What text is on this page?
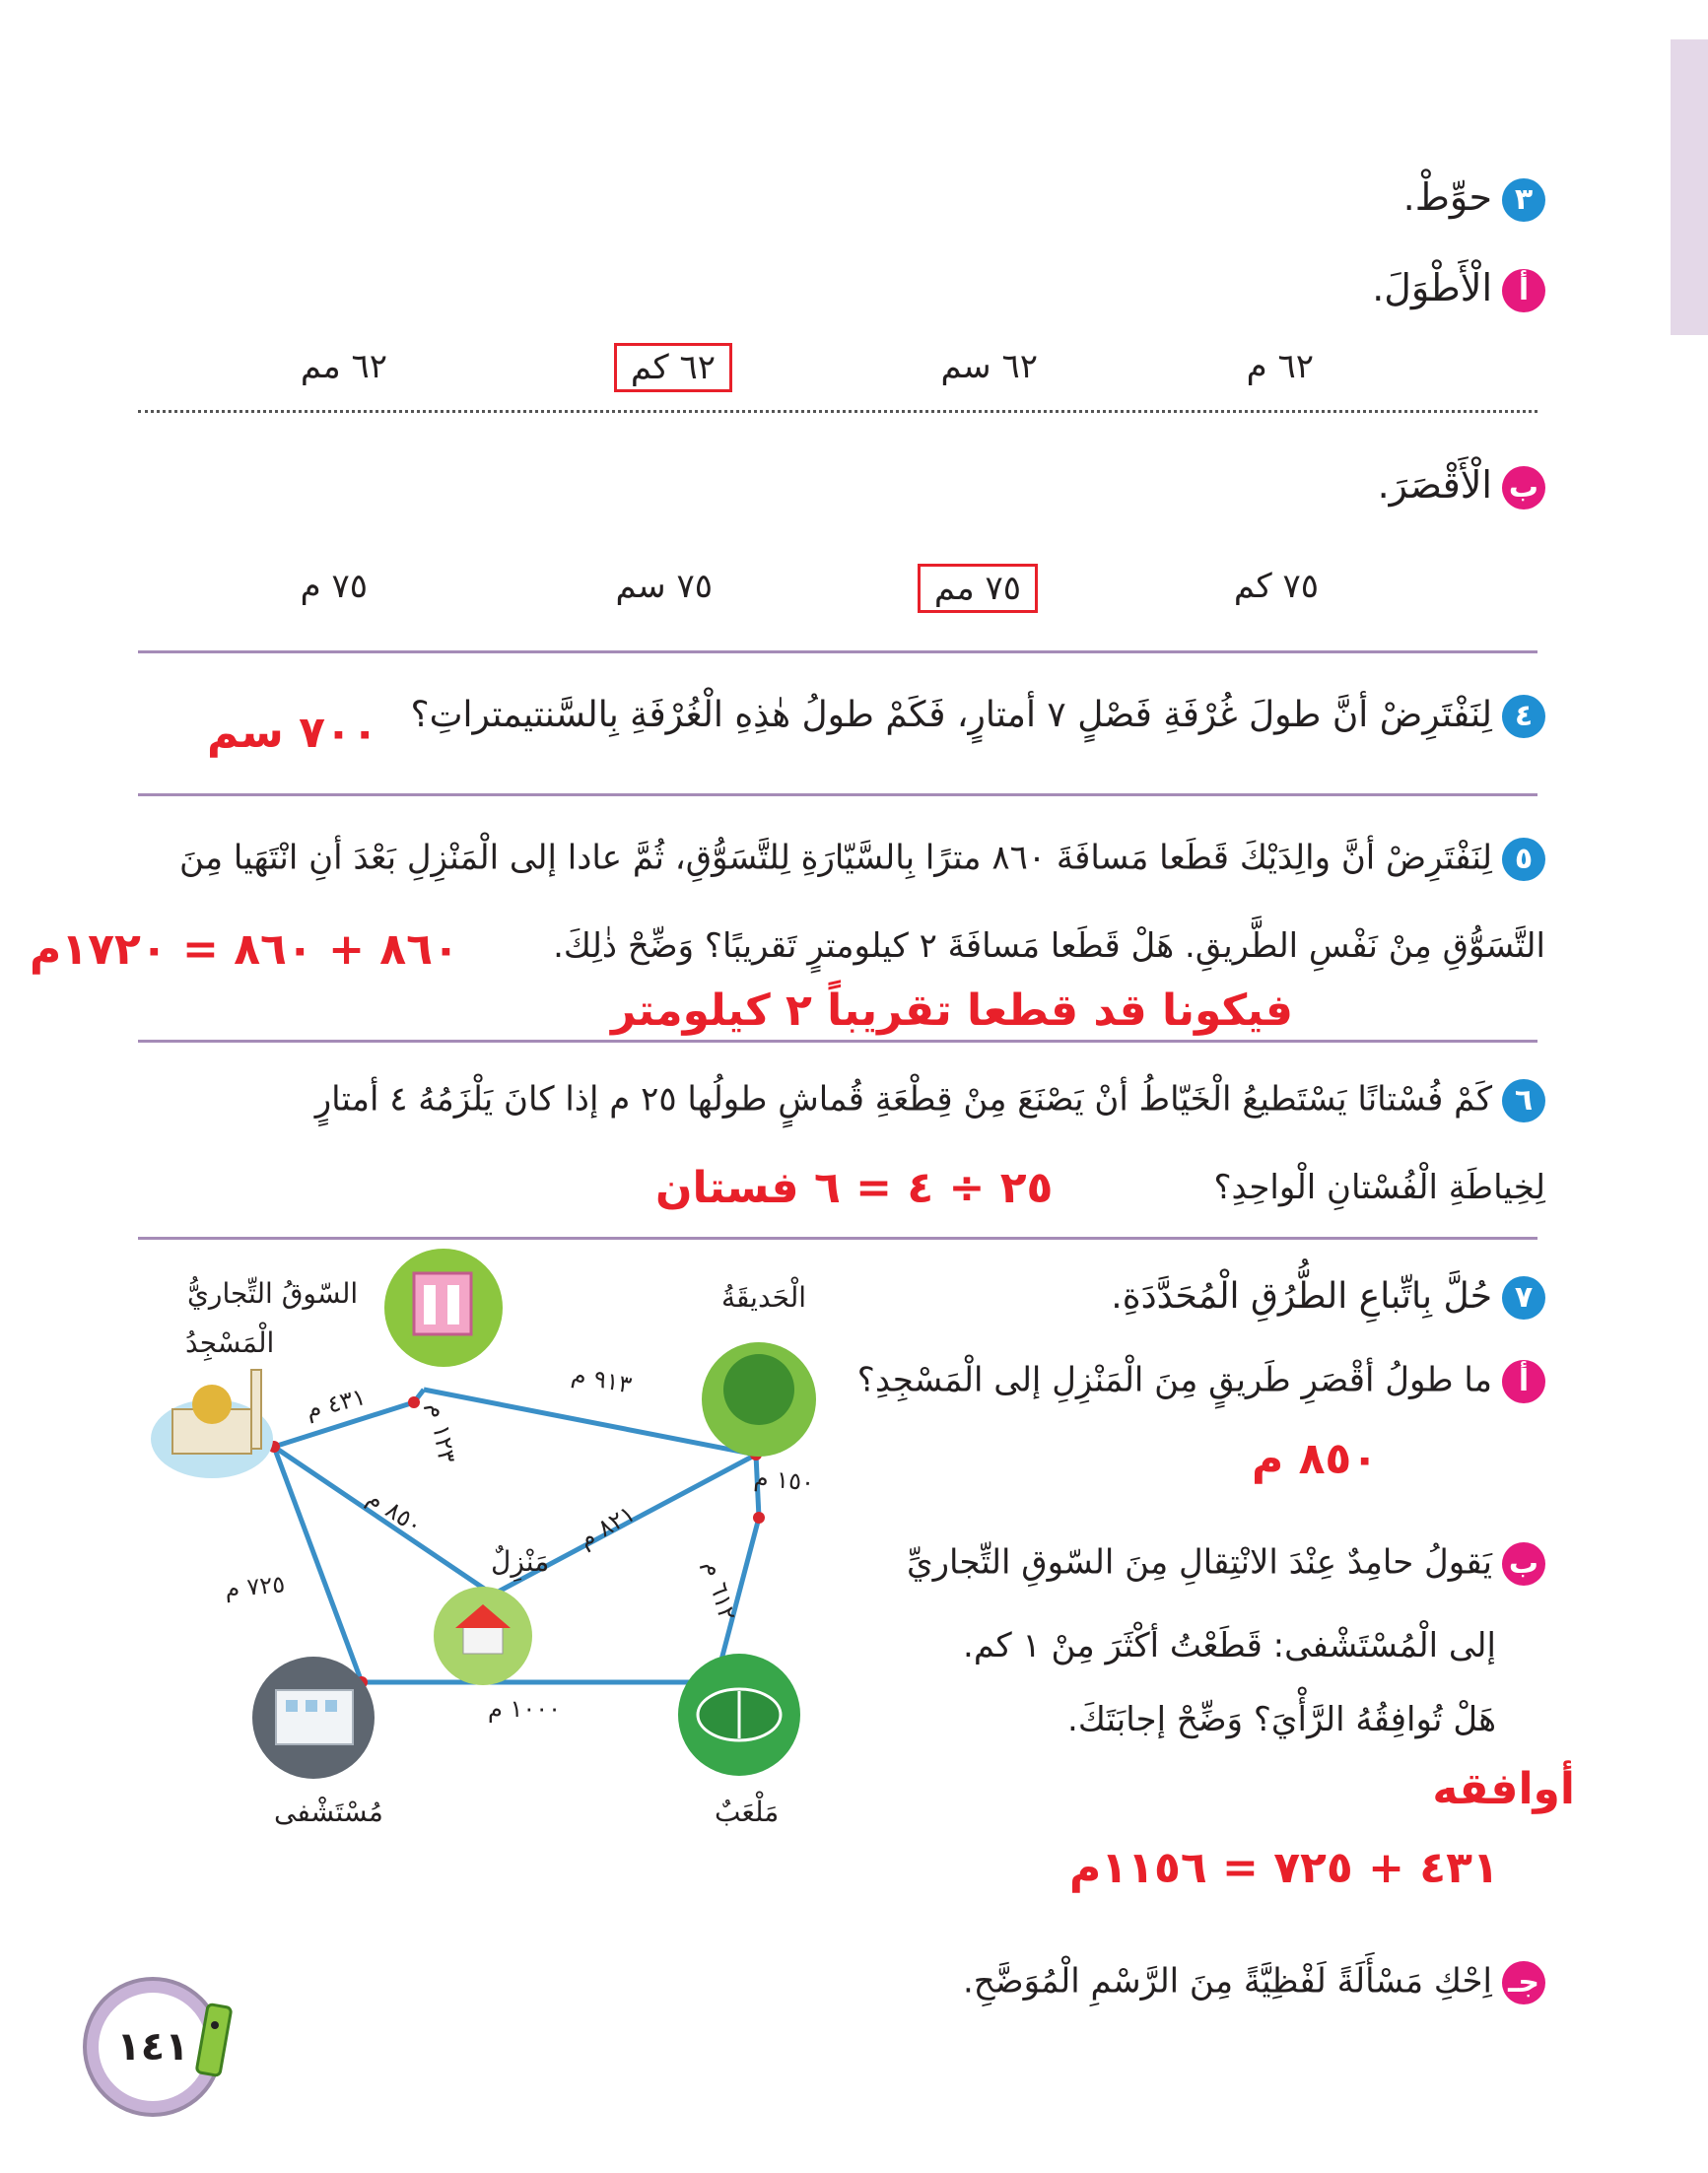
٣حوِّطْ.
أالْأَطْوَلَ.
٦٢ م
٦٢ سم
٦٢ كم
٦٢ مم
بالْأَقْصَرَ.
٧٥ كم
٧٥ مم
٧٥ سم
٧٥ م
٤لِنَفْتَرِضْ أنَّ طولَ غُرْفَةِ فَصْلٍ ٧ أمتارٍ، فَكَمْ طولُ هٰذِهِ الْغُرْفَةِ بِالسَّنتيمتراتِ؟
٧٠٠ سم
٥لِنَفْتَرِضْ أنَّ والِدَيْكَ قَطَعا مَسافَةَ ٨٦٠ مترًا بِالسَّيّارَةِ لِلتَّسَوُّقِ، ثُمَّ عادا إلى الْمَنْزِلِ بَعْدَ أنِ انْتَهَيا مِنَ
التَّسَوُّقِ مِنْ نَفْسِ الطَّريقِ. هَلْ قَطَعا مَسافَةَ ٢ كيلومترٍ تَقريبًا؟ وَضِّحْ ذٰلِكَ.
٨٦٠ + ٨٦٠ = ١٧٢٠م
فيكونا قد قطعا تقريباً ٢ كيلومتر
٦كَمْ فُسْتانًا يَسْتَطيعُ الْخَيّاطُ أنْ يَصْنَعَ مِنْ قِطْعَةِ قُماشٍ طولُها ٢٥ م إذا كانَ يَلْزَمُهُ ٤ أمتارٍ
لِخِياطَةِ الْفُسْتانِ الْواحِدِ؟
٢٥ ÷ ٤ = ٦ فستان
٧حُلَّ بِاتِّباعِ الطُّرُقِ الْمُحَدَّدَةِ.
أما طولُ أقْصَرِ طَريقٍ مِنَ الْمَنْزِلِ إلى الْمَسْجِدِ؟
٨٥٠ م
بيَقولُ حامِدٌ عِنْدَ الانْتِقالِ مِنَ السّوقِ التِّجاريِّ
إلى الْمُسْتَشْفى: قَطَعْتُ أكْثَرَ مِنْ ١ كم.
هَلْ تُوافِقُهُ الرَّأْيَ؟ وَضِّحْ إجابَتَكَ.
أوافقه
٤٣١ + ٧٢٥ = ١١٥٦م
جـاِحْكِ مَسْأَلَةً لَفْظِيَّةً مِنَ الرَّسْمِ الْمُوَضَّحِ.
السّوقُ التِّجاريُّ
الْمَسْجِدُ
الْحَديقَةُ
مَنْزِلٌ
مُسْتَشْفى	مَلْعَبٌ
٤٣١ م ١٢٣ م
٩١٣ م
١٥٠ م
٨٥٠ م	٨٢١ م
٦١٢ م
٧٢٥ م
١٠٠٠ م
١٤١
